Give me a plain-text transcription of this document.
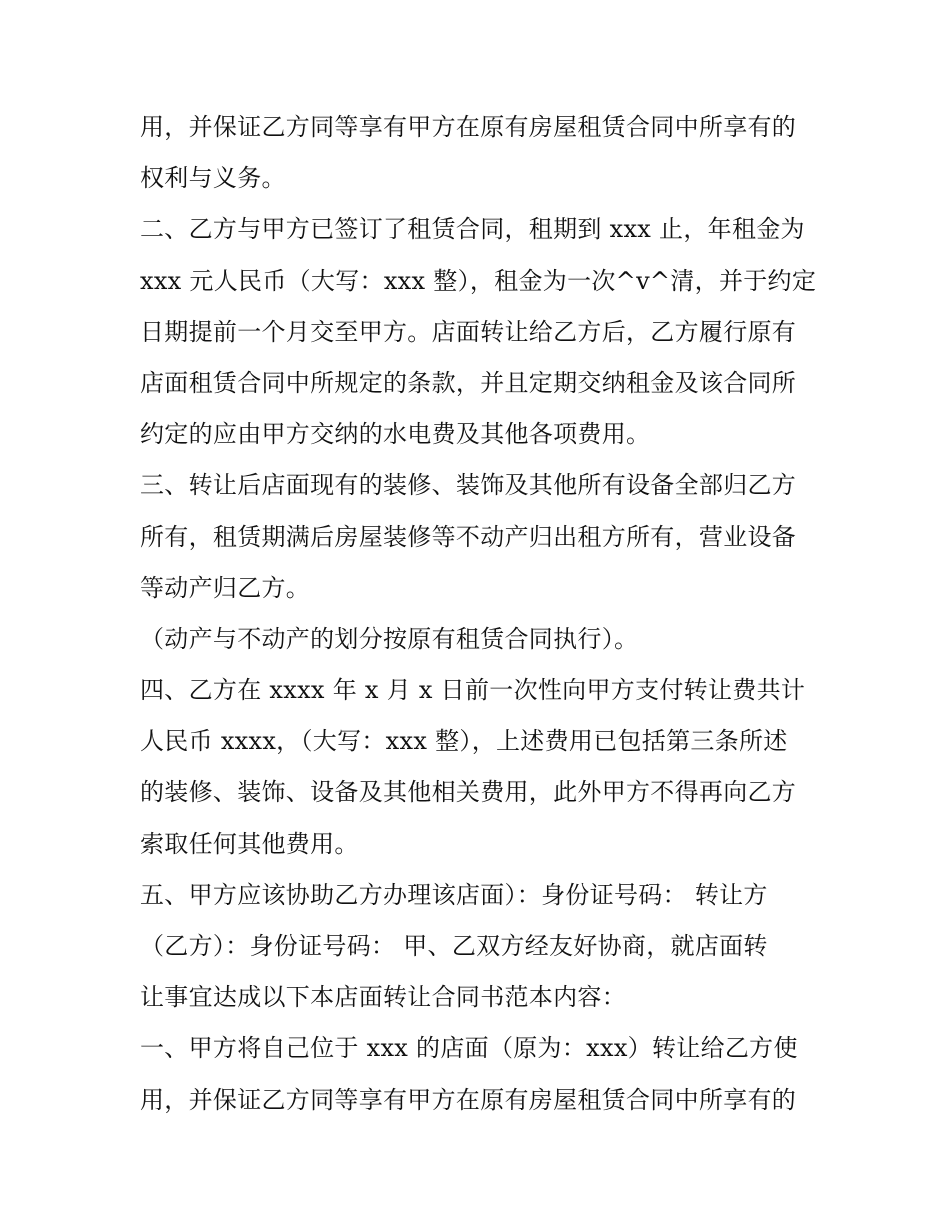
用，并保证乙方同等享有甲方在原有房屋租赁合同中所享有的
权利与义务。
二、乙方与甲方已签订了租赁合同，租期到 xxx 止，年租金为
xxx 元人民币（大写：xxx 整），租金为一次^v^清，并于约定
日期提前一个月交至甲方。店面转让给乙方后，乙方履行原有
店面租赁合同中所规定的条款，并且定期交纳租金及该合同所
约定的应由甲方交纳的水电费及其他各项费用。
三、转让后店面现有的装修、装饰及其他所有设备全部归乙方
所有，租赁期满后房屋装修等不动产归出租方所有，营业设备
等动产归乙方。
（动产与不动产的划分按原有租赁合同执行）。
四、乙方在 xxxx 年 x 月 x 日前一次性向甲方支付转让费共计
人民币 xxxx，（大写：xxx 整），上述费用已包括第三条所述
的装修、装饰、设备及其他相关费用，此外甲方不得再向乙方
索取任何其他费用。
五、甲方应该协助乙方办理该店面）：身份证号码： 转让方
（乙方）：身份证号码： 甲、乙双方经友好协商，就店面转
让事宜达成以下本店面转让合同书范本内容：
一、甲方将自己位于 xxx 的店面（原为：xxx）转让给乙方使
用，并保证乙方同等享有甲方在原有房屋租赁合同中所享有的
